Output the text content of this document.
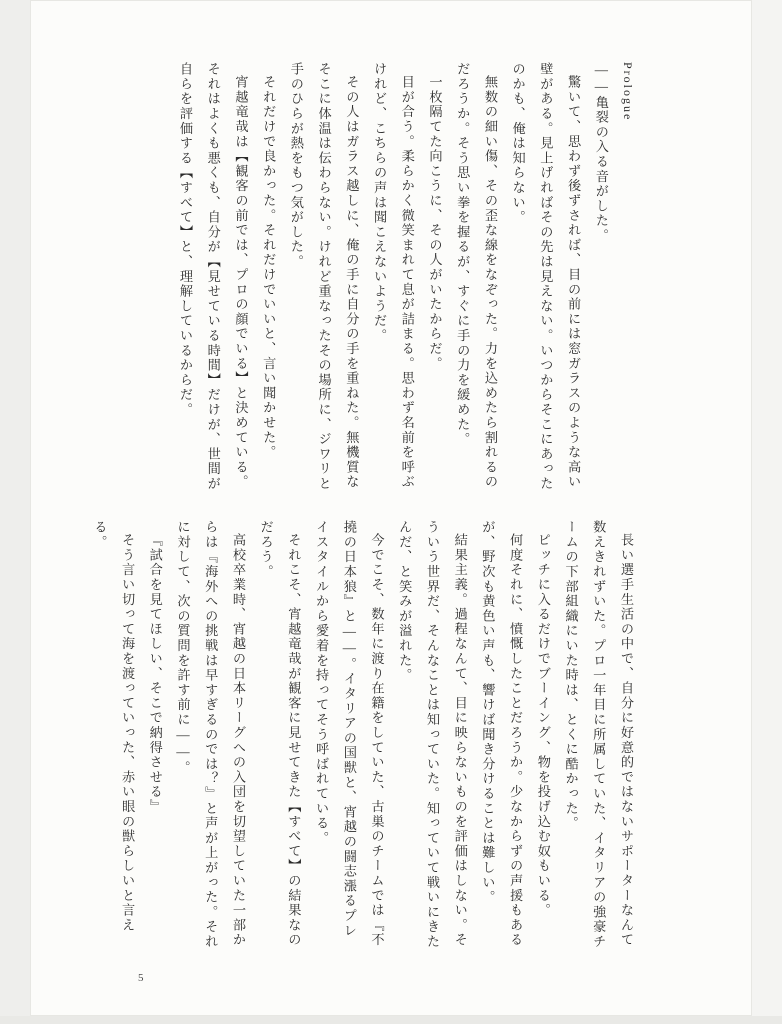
Prologue
——亀裂の入る音がした。
驚いて、思わず後ずされば、目の前には窓ガラスのような高い壁がある。見上げればその先は見えない。いつからそこにあったのかも、俺は知らない。
無数の細い傷、その歪な線をなぞった。力を込めたら割れるのだろうか。そう思い拳を握るが、すぐに手の力を緩めた。
一枚隔てた向こうに、その人がいたからだ。
目が合う。柔らかく微笑まれて息が詰まる。思わず名前を呼ぶけれど、こちらの声は聞こえないようだ。
その人はガラス越しに、俺の手に自分の手を重ねた。無機質なそこに体温は伝わらない。けれど重なったその場所に、ジワリと手のひらが熱をもつ気がした。
それだけで良かった。それだけでいいと、言い聞かせた。
宵越竜哉は【観客の前では、プロの顔でいる】と決めている。それはよくも悪くも、自分が【見せている時間】だけが、世間が自らを評価する【すべて】と、理解しているからだ。
長い選手生活の中で、自分に好意的ではないサポーターなんて数えきれずいた。プロ一年目に所属していた、イタリアの強豪チームの下部組織にいた時は、とくに酷かった。
ピッチに入るだけでブーイング、物を投げ込む奴もいる。
何度それに、憤慨したことだろうか。少なからずの声援もあるが、野次も黄色い声も、響けば聞き分けることは難しい。
結果主義。過程なんて、目に映らないものを評価はしない。そういう世界だ、そんなことは知っていた。知っていて戦いにきたんだ、と笑みが溢れた。
今でこそ、数年に渡り在籍をしていた、古巣のチームでは『不撓の日本狼』と——。イタリアの国獣と、宵越の闘志漲るプレイスタイルから愛着を持ってそう呼ばれている。
それこそ、宵越竜哉が観客に見せてきた【すべて】の結果なのだろう。
高校卒業時、宵越の日本リーグへの入団を切望していた一部からは『海外への挑戦は早すぎるのでは？』と声が上がった。それに対して、次の質問を許す前に——。
『試合を見てほしい、そこで納得させる』
そう言い切って海を渡っていった、赤い眼の獣らしいと言える。
5
